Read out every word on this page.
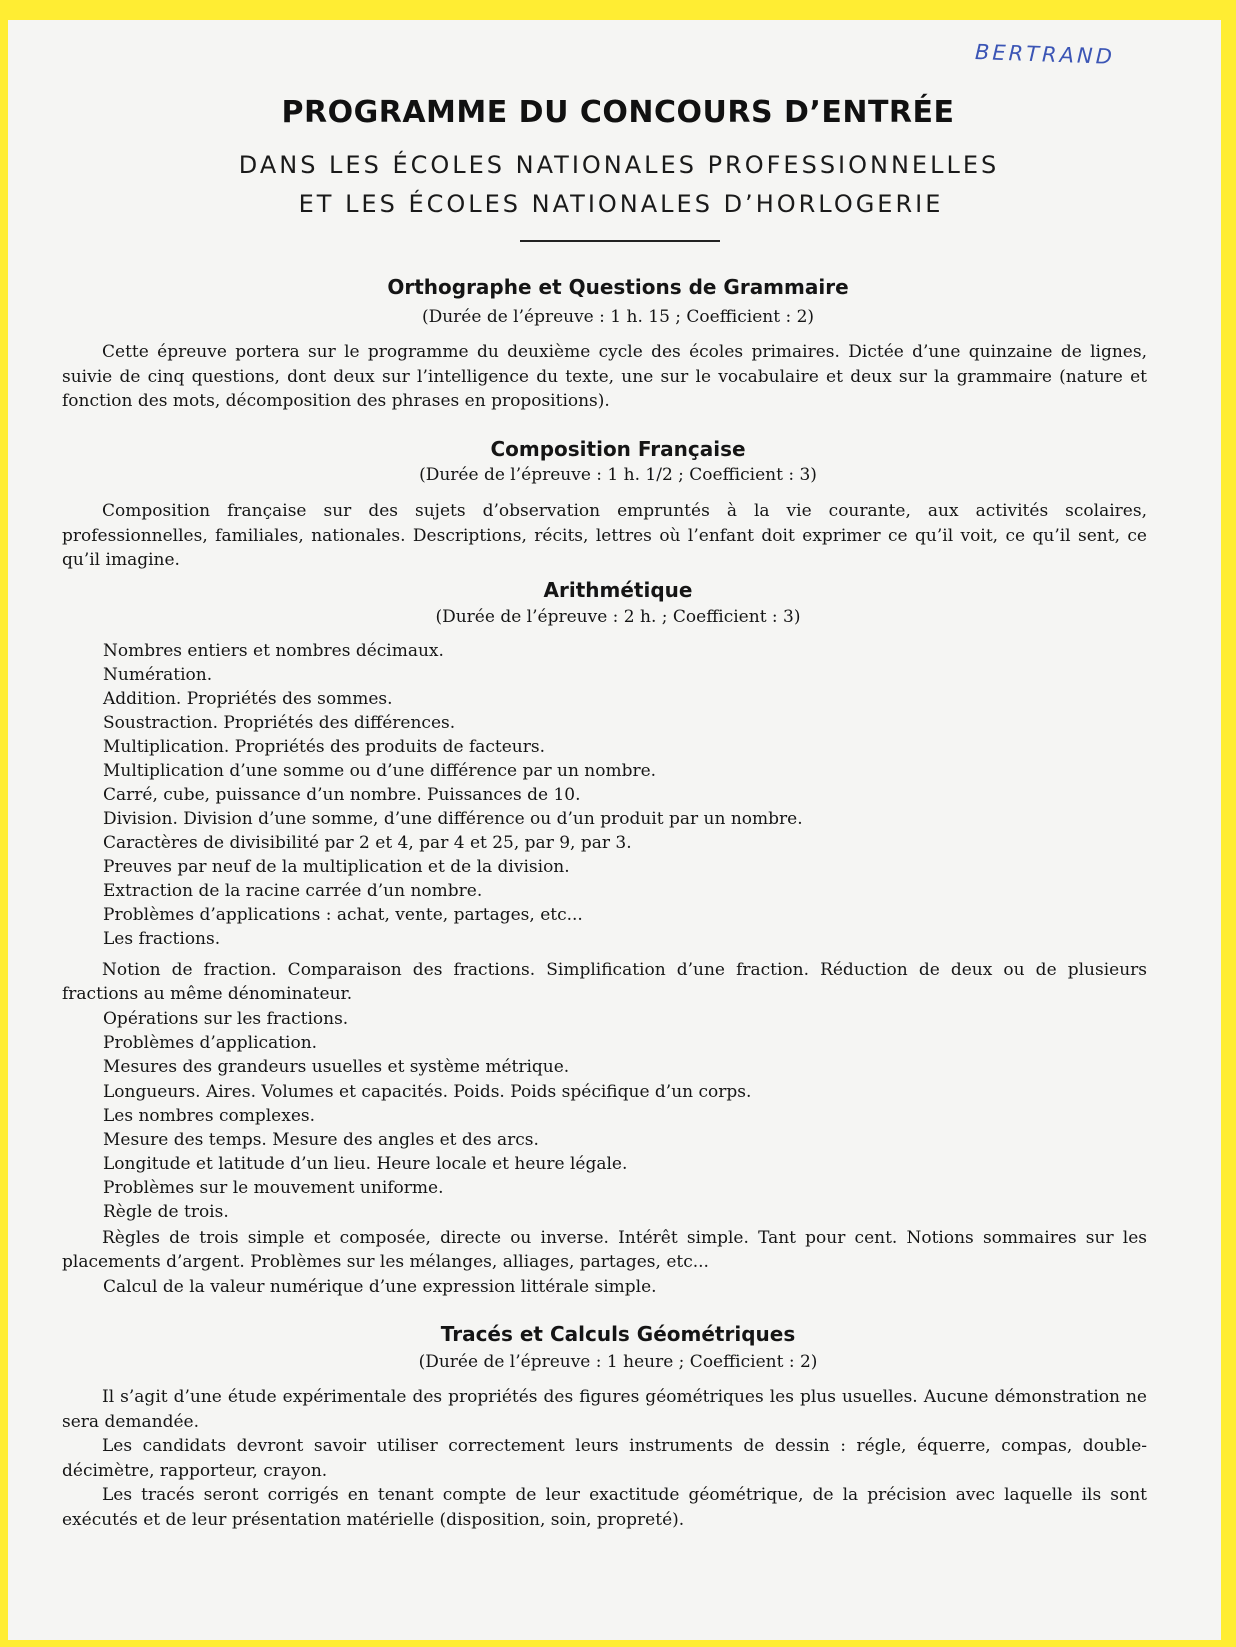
BERTRAND
PROGRAMME DU CONCOURS D’ENTRÉE
DANS LES ÉCOLES NATIONALES PROFESSIONNELLES
ET LES ÉCOLES NATIONALES D’HORLOGERIE
Orthographe et Questions de Grammaire
(Durée de l’épreuve : 1 h. 15 ; Coefficient : 2)

Cette épreuve portera sur le programme du deuxième cycle des écoles primaires. Dictée d’une quinzaine de lignes, suivie de cinq questions, dont deux sur l’intelligence du texte, une sur le vocabulaire et deux sur la grammaire (nature et fonction des mots, décomposition des phrases en propositions).

Composition Française
(Durée de l’épreuve : 1 h. 1/2 ; Coefficient : 3)

Composition française sur des sujets d’observation empruntés à la vie courante, aux activités scolaires, professionnelles, familiales, nationales. Descriptions, récits, lettres où l’enfant doit exprimer ce qu’il voit, ce qu’il sent, ce qu’il imagine.

Arithmétique
(Durée de l’épreuve : 2 h. ; Coefficient : 3)
Nombres entiers et nombres décimaux.
Numération.
Addition. Propriétés des sommes.
Soustraction. Propriétés des différences.
Multiplication. Propriétés des produits de facteurs.
Multiplication d’une somme ou d’une différence par un nombre.
Carré, cube, puissance d’un nombre. Puissances de 10.
Division. Division d’une somme, d’une différence ou d’un produit par un nombre.
Caractères de divisibilité par 2 et 4, par 4 et 25, par 9, par 3.
Preuves par neuf de la multiplication et de la division.
Extraction de la racine carrée d’un nombre.
Problèmes d’applications : achat, vente, partages, etc...
Les fractions.
Notion de fraction. Comparaison des fractions. Simplification d’une fraction. Réduction de deux ou de plusieurs fractions au même dénominateur.
Opérations sur les fractions.
Problèmes d’application.
Mesures des grandeurs usuelles et système métrique.
Longueurs. Aires. Volumes et capacités. Poids. Poids spécifique d’un corps.
Les nombres complexes.
Mesure des temps. Mesure des angles et des arcs.
Longitude et latitude d’un lieu. Heure locale et heure légale.
Problèmes sur le mouvement uniforme.
Règle de trois.
Règles de trois simple et composée, directe ou inverse. Intérêt simple. Tant pour cent. Notions sommaires sur les placements d’argent. Problèmes sur les mélanges, alliages, partages, etc...
Calcul de la valeur numérique d’une expression littérale simple.
Tracés et Calculs Géométriques
(Durée de l’épreuve : 1 heure ; Coefficient : 2)

Il s’agit d’une étude expérimentale des propriétés des figures géométriques les plus usuelles. Aucune démonstration ne sera demandée.

Les candidats devront savoir utiliser correctement leurs instruments de dessin : régle, équerre, compas, double-décimètre, rapporteur, crayon.

Les tracés seront corrigés en tenant compte de leur exactitude géométrique, de la précision avec laquelle ils sont exécutés et de leur présentation matérielle (disposition, soin, propreté).
